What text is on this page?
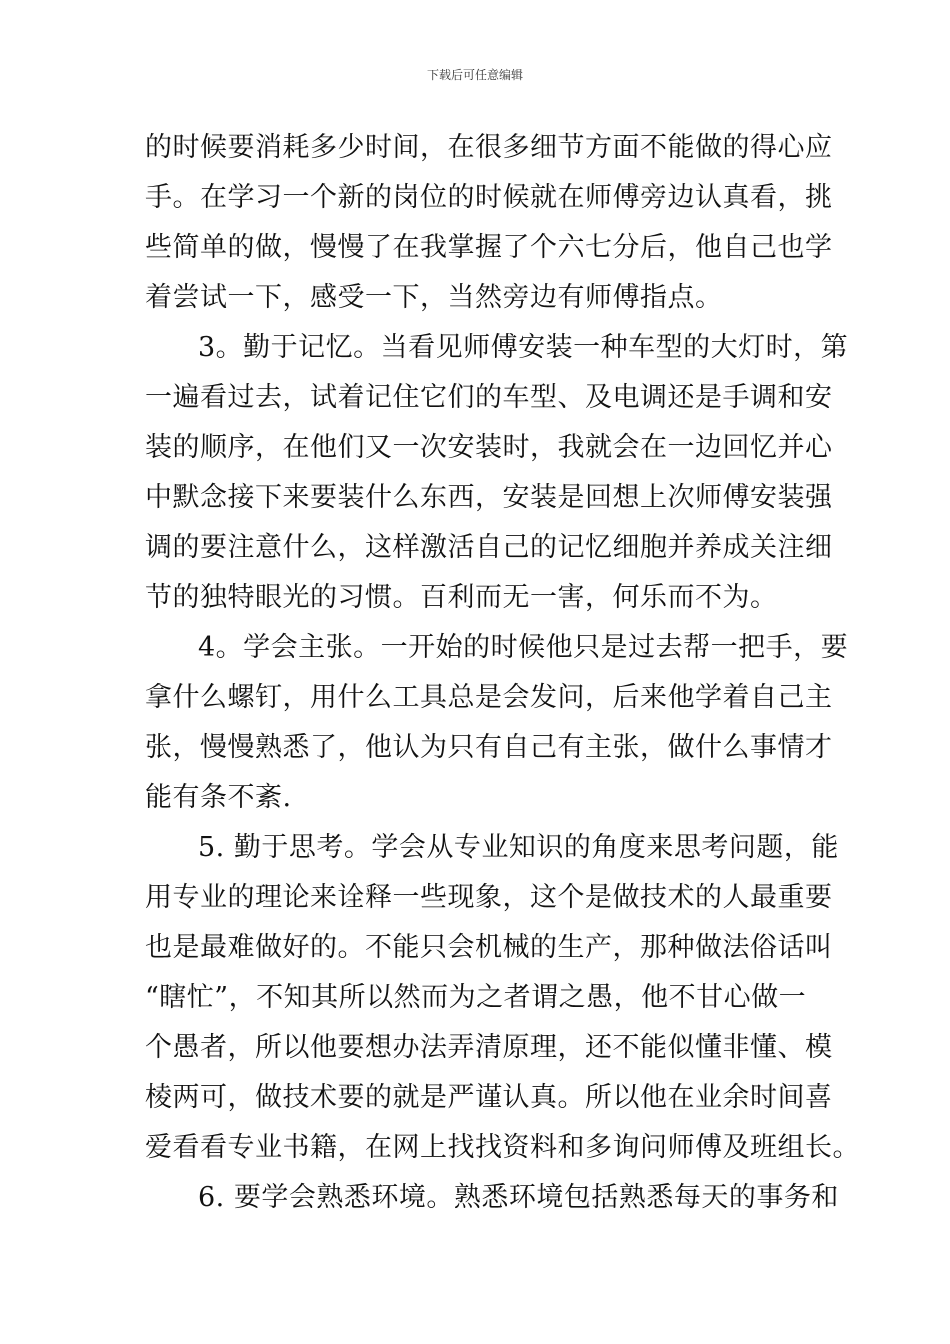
下载后可任意编辑
的时候要消耗多少时间，在很多细节方面不能做的得心应
手。在学习一个新的岗位的时候就在师傅旁边认真看，挑
些简单的做，慢慢了在我掌握了个六七分后，他自己也学
着尝试一下，感受一下，当然旁边有师傅指点。
3。勤于记忆。当看见师傅安装一种车型的大灯时，第
一遍看过去，试着记住它们的车型、及电调还是手调和安
装的顺序，在他们又一次安装时，我就会在一边回忆并心
中默念接下来要装什么东西，安装是回想上次师傅安装强
调的要注意什么，这样激活自己的记忆细胞并养成关注细
节的独特眼光的习惯。百利而无一害，何乐而不为。
4。学会主张。一开始的时候他只是过去帮一把手，要
拿什么螺钉，用什么工具总是会发问，后来他学着自己主
张，慢慢熟悉了，他认为只有自己有主张，做什么事情才
能有条不紊.
5. 勤于思考。学会从专业知识的角度来思考问题，能
用专业的理论来诠释一些现象，这个是做技术的人最重要
也是最难做好的。不能只会机械的生产，那种做法俗话叫
“瞎忙”，不知其所以然而为之者谓之愚，他不甘心做一
个愚者，所以他要想办法弄清原理，还不能似懂非懂、模
棱两可，做技术要的就是严谨认真。所以他在业余时间喜
爱看看专业书籍，在网上找找资料和多询问师傅及班组长。
6. 要学会熟悉环境。熟悉环境包括熟悉每天的事务和
